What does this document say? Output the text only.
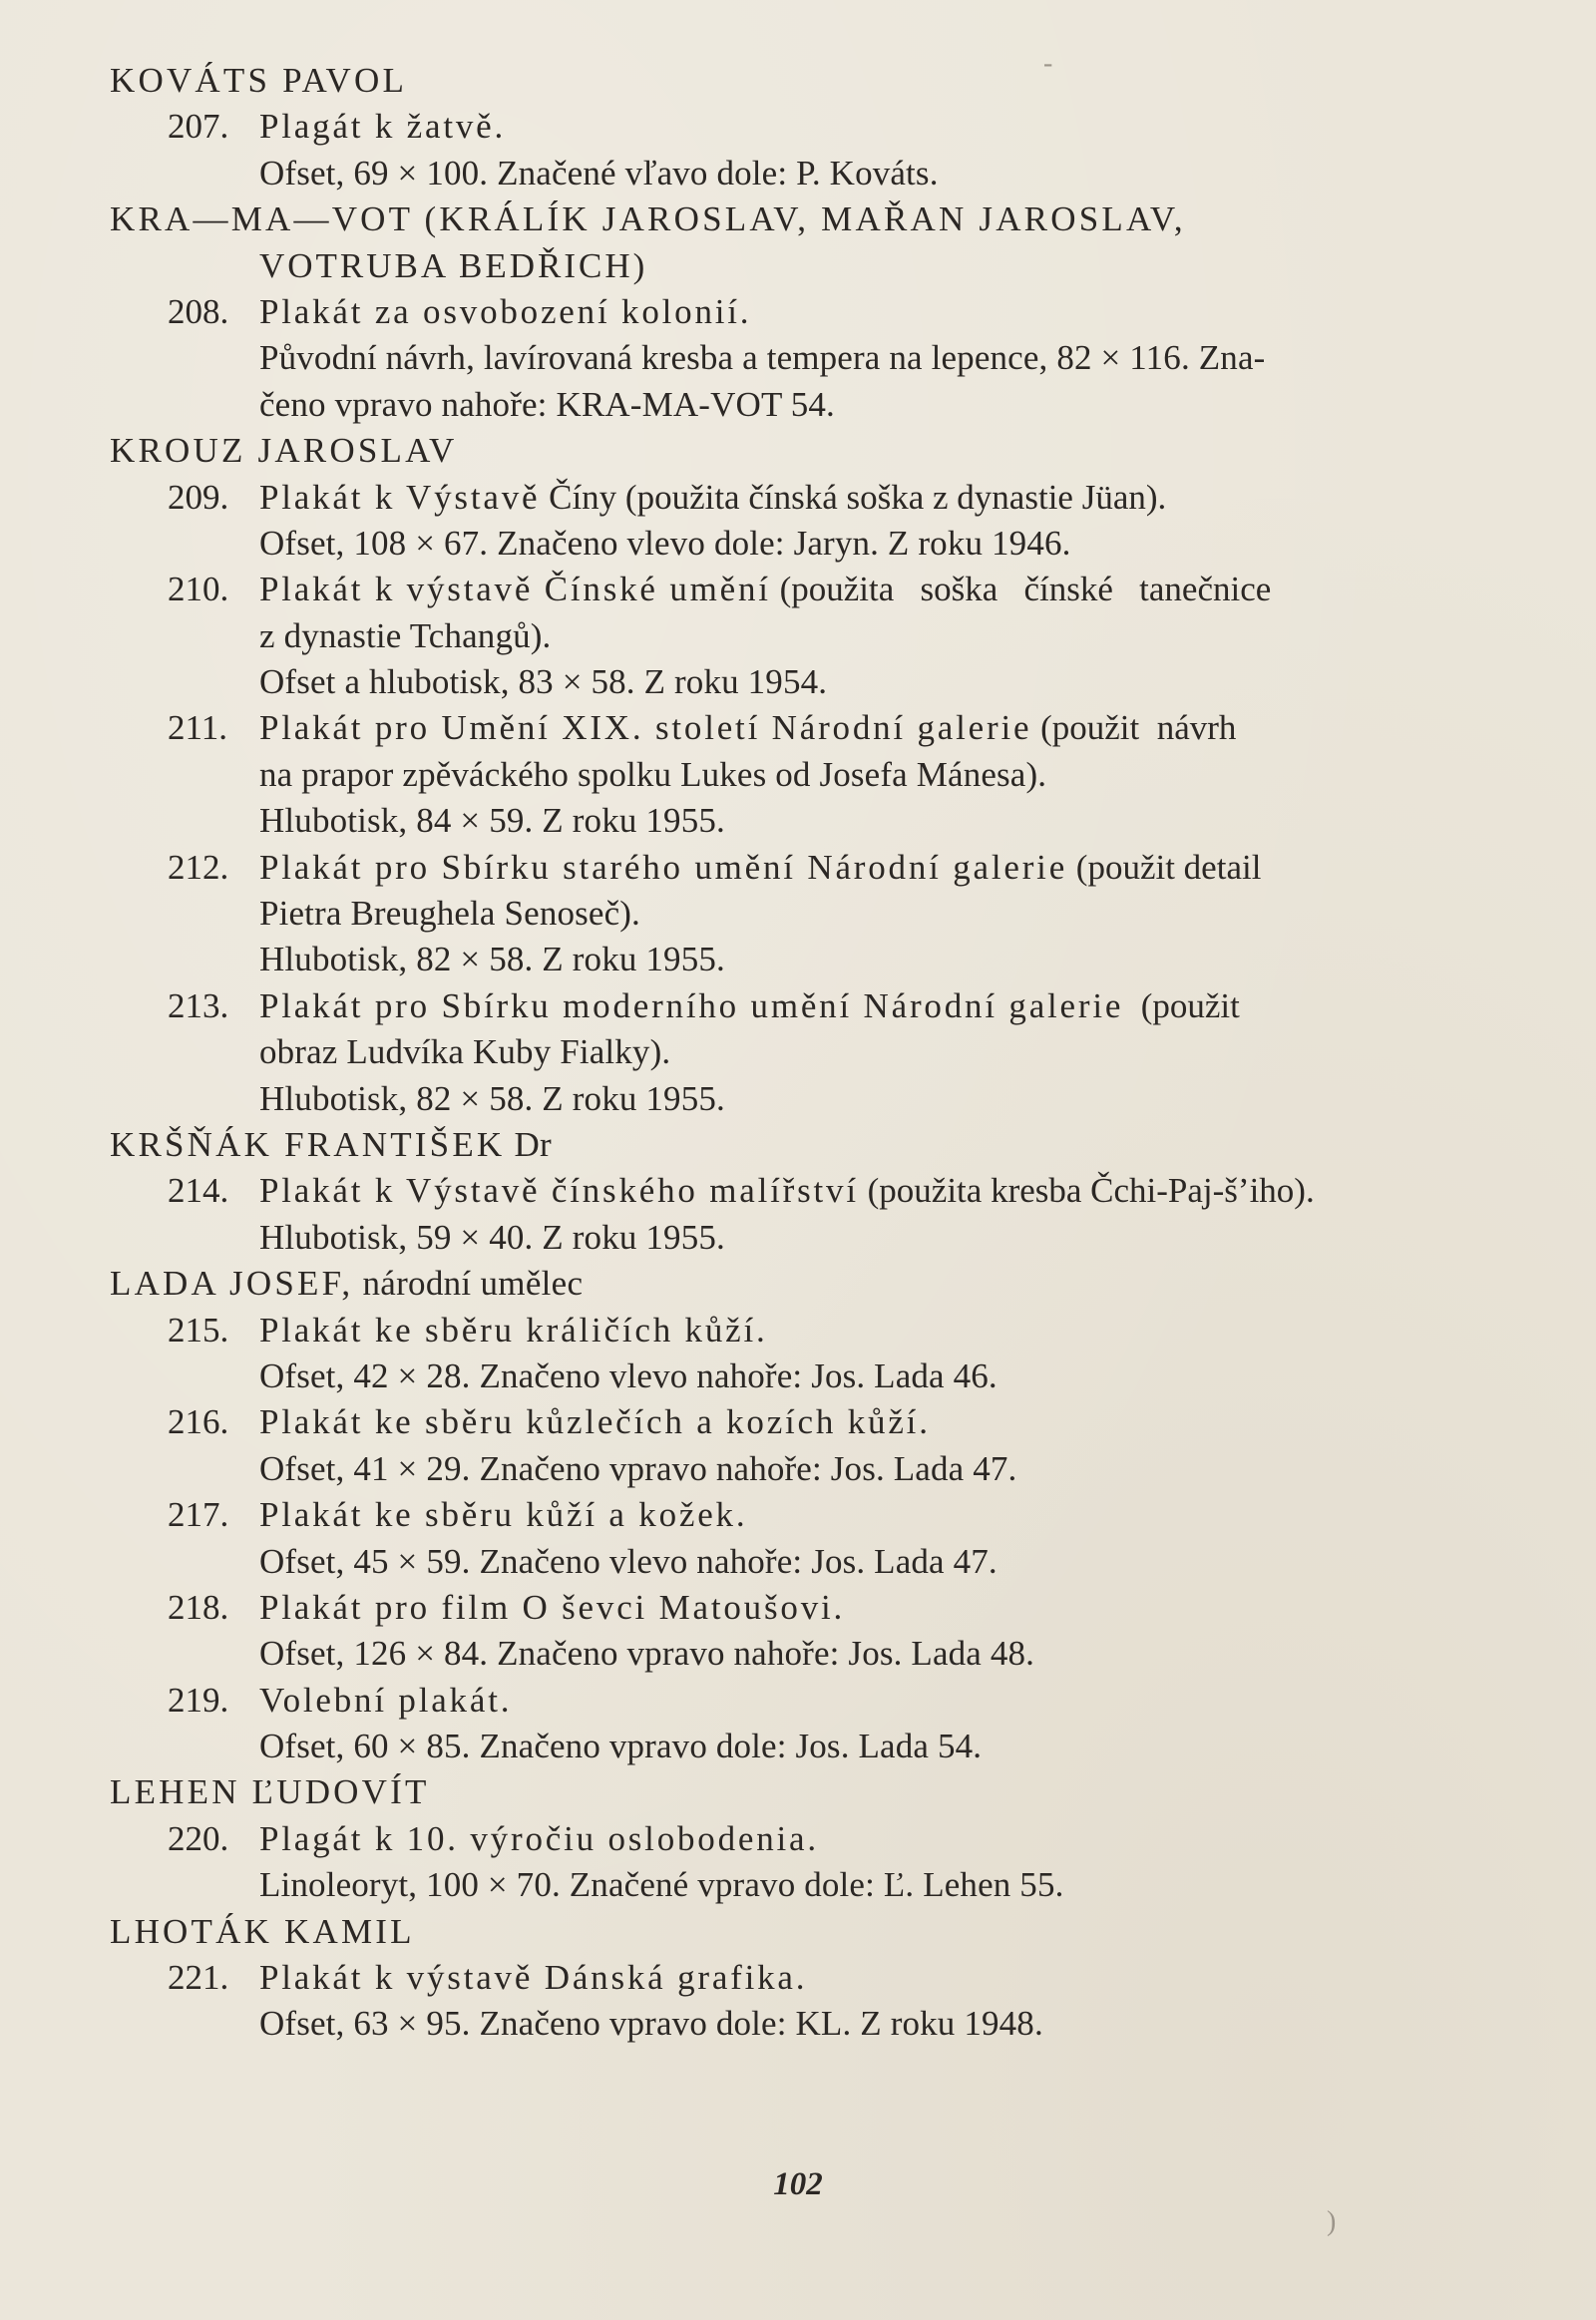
KOVÁTS PAVOL
207. Plagát k žatvě.
Ofset, 69 × 100. Značené vľavo dole: P. Kováts.
KRA—MA—VOT (KRÁLÍK JAROSLAV, MAŘAN JAROSLAV,
VOTRUBA BEDŘICH)
208. Plakát za osvobození kolonií.
Původní návrh, lavírovaná kresba a tempera na lepence, 82 × 116. Zna-
čeno vpravo nahoře: KRA-MA-VOT 54.
KROUZ JAROSLAV
209. Plakát k Výstavě Číny (použita čínská soška z dynastie Jüan).
Ofset, 108 × 67. Značeno vlevo dole: Jaryn. Z roku 1946.
210. Plakát k výstavě Čínské umění (použita   soška   čínské   tanečnice
z dynastie Tchangů).
Ofset a hlubotisk, 83 × 58. Z roku 1954.
211. Plakát pro Umění XIX. století Národní galerie (použit  návrh
na prapor zpěváckého spolku Lukes od Josefa Mánesa).
Hlubotisk, 84 × 59. Z roku 1955.
212. Plakát pro Sbírku starého umění Národní galerie (použit detail
Pietra Breughela Senoseč).
Hlubotisk, 82 × 58. Z roku 1955.
213. Plakát pro Sbírku moderního umění Národní galerie  (použit
obraz Ludvíka Kuby Fialky).
Hlubotisk, 82 × 58. Z roku 1955.
KRŠŇÁK FRANTIŠEK Dr
214. Plakát k Výstavě čínského malířství (použita kresba Čchi-Paj-š’iho).
Hlubotisk, 59 × 40. Z roku 1955.
LADA JOSEF, národní umělec
215. Plakát ke sběru králičích kůží.
Ofset, 42 × 28. Značeno vlevo nahoře: Jos. Lada 46.
216. Plakát ke sběru kůzlečích a kozích kůží.
Ofset, 41 × 29. Značeno vpravo nahoře: Jos. Lada 47.
217. Plakát ke sběru kůží a kožek.
Ofset, 45 × 59. Značeno vlevo nahoře: Jos. Lada 47.
218. Plakát pro film O ševci Matoušovi.
Ofset, 126 × 84. Značeno vpravo nahoře: Jos. Lada 48.
219. Volební plakát.
Ofset, 60 × 85. Značeno vpravo dole: Jos. Lada 54.
LEHEN ĽUDOVÍT
220. Plagát k 10. výročiu oslobodenia.
Linoleoryt, 100 × 70. Značené vpravo dole: Ľ. Lehen 55.
LHOTÁK KAMIL
221. Plakát k výstavě Dánská grafika.
Ofset, 63 × 95. Značeno vpravo dole: KL. Z roku 1948.
102
-
)
